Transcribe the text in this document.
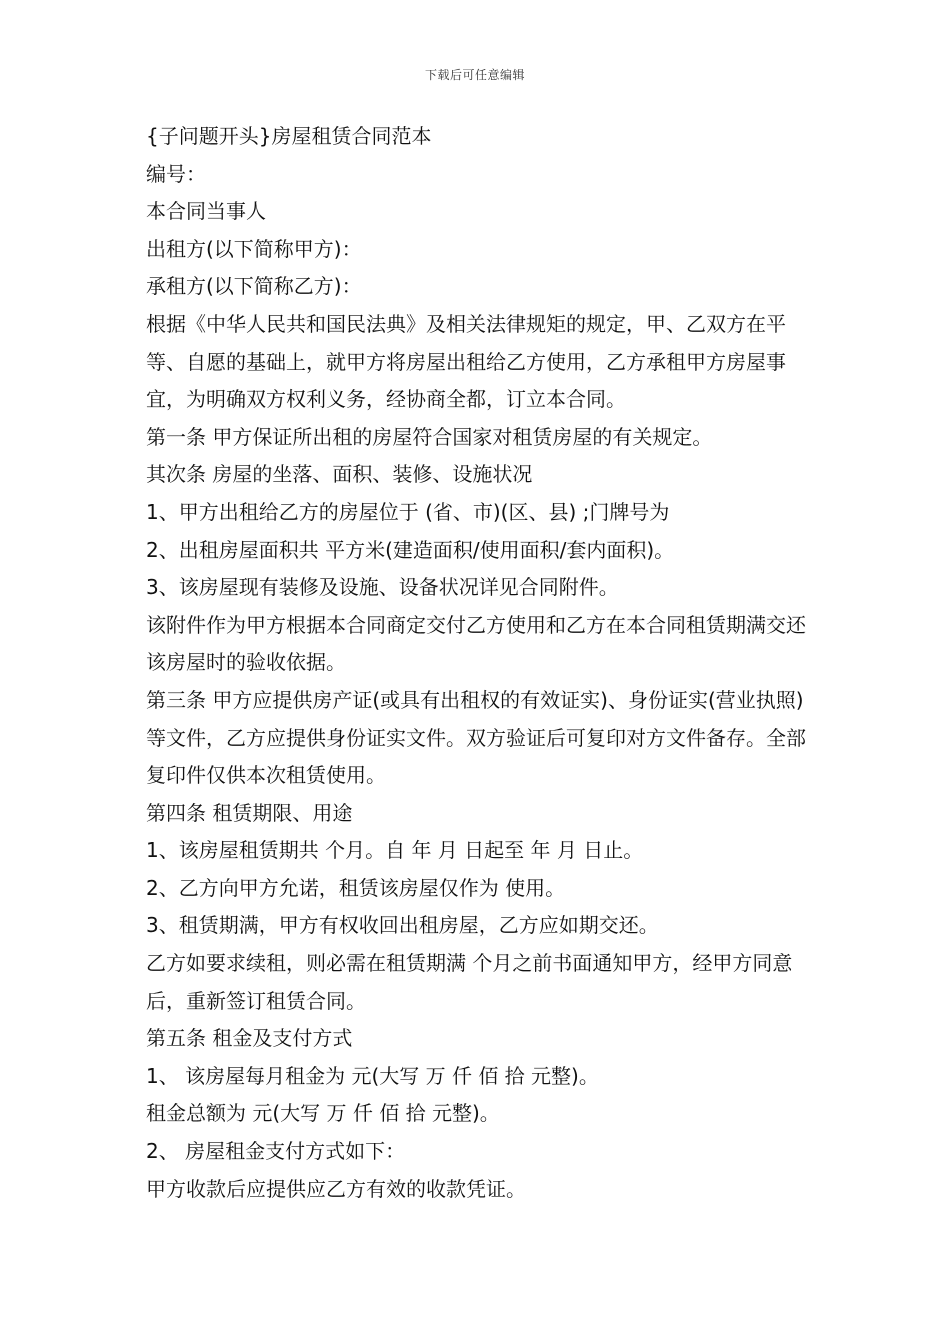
下载后可任意编辑

{子问题开头}房屋租赁合同范本

编号：

本合同当事人

出租方(以下简称甲方)：

承租方(以下简称乙方)：

根据《中华人民共和国民法典》及相关法律规矩的规定，甲、乙双方在平等、自愿的基础上，就甲方将房屋出租给乙方使用，乙方承租甲方房屋事宜，为明确双方权利义务，经协商全都，订立本合同。

第一条 甲方保证所出租的房屋符合国家对租赁房屋的有关规定。

其次条 房屋的坐落、面积、装修、设施状况

1、甲方出租给乙方的房屋位于 (省、市)(区、县) ;门牌号为

2、出租房屋面积共 平方米(建造面积/使用面积/套内面积)。

3、该房屋现有装修及设施、设备状况详见合同附件。

该附件作为甲方根据本合同商定交付乙方使用和乙方在本合同租赁期满交还该房屋时的验收依据。

第三条 甲方应提供房产证(或具有出租权的有效证实)、身份证实(营业执照)等文件，乙方应提供身份证实文件。双方验证后可复印对方文件备存。全部复印件仅供本次租赁使用。

第四条 租赁期限、用途

1、该房屋租赁期共 个月。自 年 月 日起至 年 月 日止。

2、乙方向甲方允诺，租赁该房屋仅作为 使用。

3、租赁期满，甲方有权收回出租房屋，乙方应如期交还。

乙方如要求续租，则必需在租赁期满 个月之前书面通知甲方，经甲方同意后，重新签订租赁合同。

第五条 租金及支付方式

1、 该房屋每月租金为 元(大写 万 仟 佰 拾 元整)。

租金总额为 元(大写 万 仟 佰 拾 元整)。

2、 房屋租金支付方式如下：

甲方收款后应提供应乙方有效的收款凭证。
